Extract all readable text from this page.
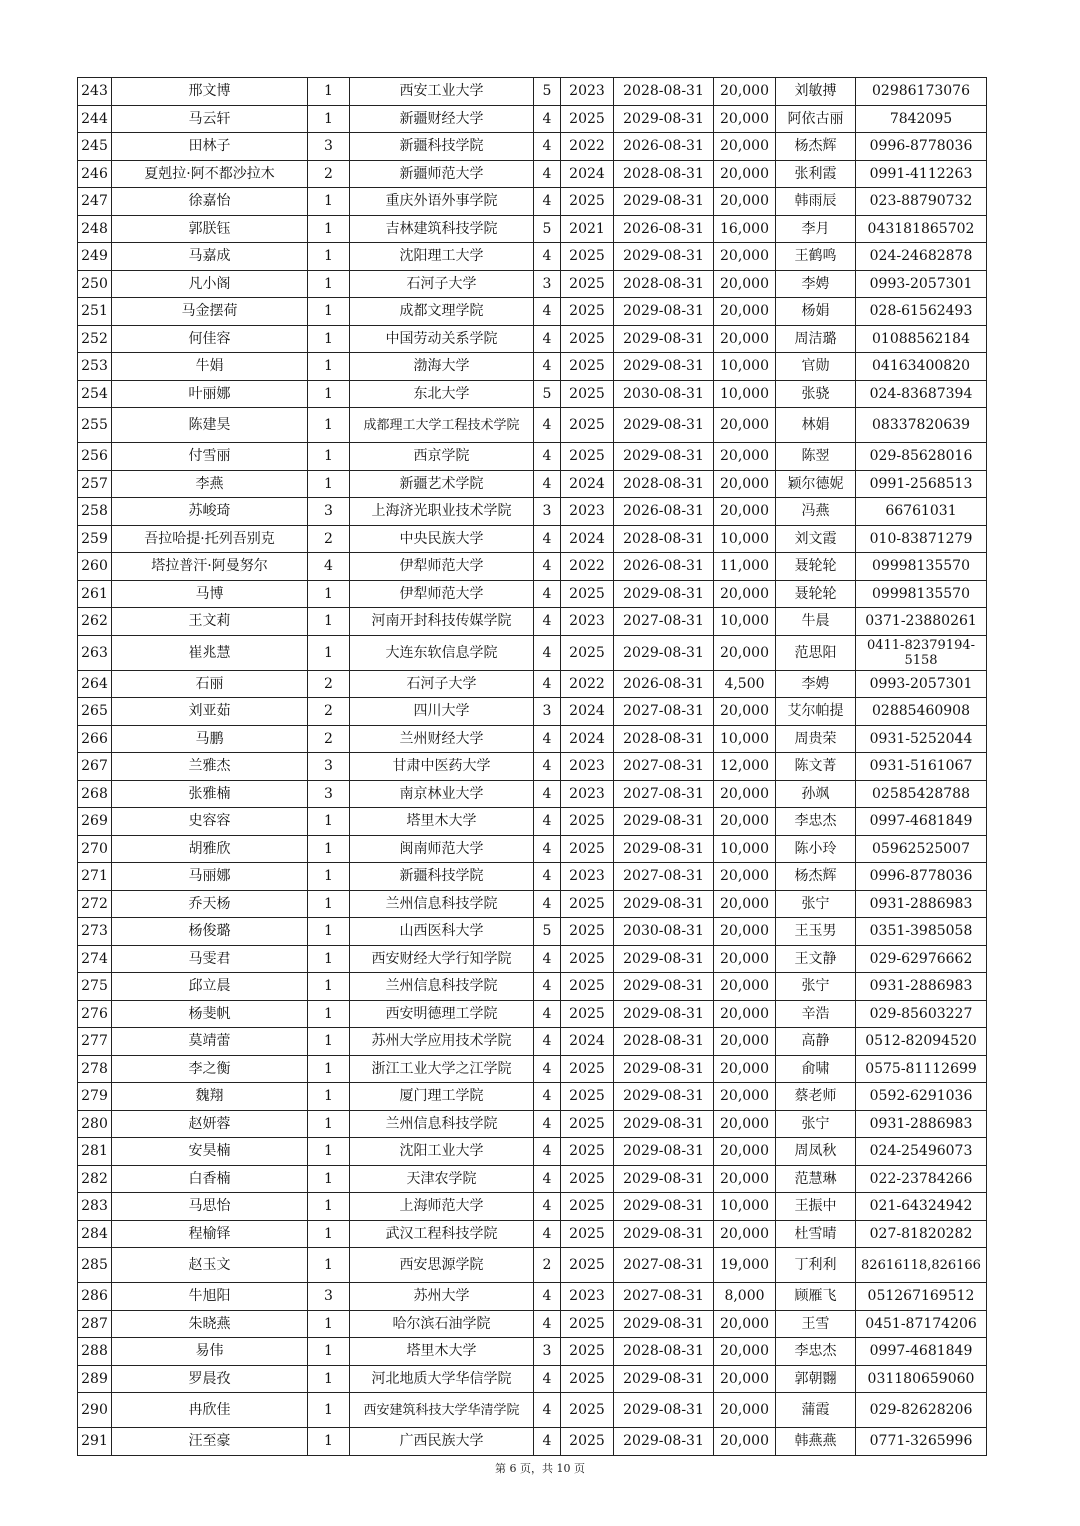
243	邢文博	1	西安工业大学	5	2023	2028-08-31	20,000	刘敏搏	02986173076
244	马云轩	1	新疆财经大学	4	2025	2029-08-31	20,000	阿依古丽	7842095
245	田林子	3	新疆科技学院	4	2022	2026-08-31	20,000	杨杰辉	0996-8778036
246	夏剋拉·阿不都沙拉木	2	新疆师范大学	4	2024	2028-08-31	20,000	张利霞	0991-4112263
247	徐嘉怡	1	重庆外语外事学院	4	2025	2029-08-31	20,000	韩雨辰	023-88790732
248	郭朕钰	1	吉林建筑科技学院	5	2021	2026-08-31	16,000	李月	043181865702
249	马嘉成	1	沈阳理工大学	4	2025	2029-08-31	20,000	王鹤鸣	024-24682878
250	凡小阁	1	石河子大学	3	2025	2028-08-31	20,000	李娉	0993-2057301
251	马金摆荷	1	成都文理学院	4	2025	2029-08-31	20,000	杨娟	028-61562493
252	何佳容	1	中国劳动关系学院	4	2025	2029-08-31	20,000	周洁璐	01088562184
253	牛娟	1	渤海大学	4	2025	2029-08-31	10,000	官勋	04163400820
254	叶丽娜	1	东北大学	5	2025	2030-08-31	10,000	张骁	024-83687394
255	陈建昊	1	成都理工大学工程技术学院	4	2025	2029-08-31	20,000	林娟	08337820639
256	付雪丽	1	西京学院	4	2025	2029-08-31	20,000	陈翌	029-85628016
257	李燕	1	新疆艺术学院	4	2024	2028-08-31	20,000	颖尔德妮	0991-2568513
258	苏峻琦	3	上海济光职业技术学院	3	2023	2026-08-31	20,000	冯燕	66761031
259	吾拉哈提·托列吾别克	2	中央民族大学	4	2024	2028-08-31	10,000	刘文霞	010-83871279
260	塔拉普汗·阿曼努尔	4	伊犁师范大学	4	2022	2026-08-31	11,000	聂轮轮	09998135570
261	马博	1	伊犁师范大学	4	2025	2029-08-31	20,000	聂轮轮	09998135570
262	王文莉	1	河南开封科技传媒学院	4	2023	2027-08-31	10,000	牛晨	0371-23880261
263	崔兆慧	1	大连东软信息学院	4	2025	2029-08-31	20,000	范思阳	0411-82379194-5158
264	石丽	2	石河子大学	4	2022	2026-08-31	4,500	李娉	0993-2057301
265	刘亚茹	2	四川大学	3	2024	2027-08-31	20,000	艾尔帕提	02885460908
266	马鹏	2	兰州财经大学	4	2024	2028-08-31	10,000	周贵荣	0931-5252044
267	兰雅杰	3	甘肃中医药大学	4	2023	2027-08-31	12,000	陈文菁	0931-5161067
268	张雅楠	3	南京林业大学	4	2023	2027-08-31	20,000	孙飒	02585428788
269	史容容	1	塔里木大学	4	2025	2029-08-31	20,000	李忠杰	0997-4681849
270	胡雅欣	1	闽南师范大学	4	2025	2029-08-31	10,000	陈小玲	05962525007
271	马丽娜	1	新疆科技学院	4	2023	2027-08-31	20,000	杨杰辉	0996-8778036
272	乔天杨	1	兰州信息科技学院	4	2025	2029-08-31	20,000	张宁	0931-2886983
273	杨俊璐	1	山西医科大学	5	2025	2030-08-31	20,000	王玉男	0351-3985058
274	马雯君	1	西安财经大学行知学院	4	2025	2029-08-31	20,000	王文静	029-62976662
275	邱立晨	1	兰州信息科技学院	4	2025	2029-08-31	20,000	张宁	0931-2886983
276	杨斐帆	1	西安明德理工学院	4	2025	2029-08-31	20,000	辛浩	029-85603227
277	莫靖蕾	1	苏州大学应用技术学院	4	2024	2028-08-31	20,000	高静	0512-82094520
278	李之衡	1	浙江工业大学之江学院	4	2025	2029-08-31	20,000	俞啸	0575-81112699
279	魏翔	1	厦门理工学院	4	2025	2029-08-31	20,000	蔡老师	0592-6291036
280	赵妍蓉	1	兰州信息科技学院	4	2025	2029-08-31	20,000	张宁	0931-2886983
281	安昊楠	1	沈阳工业大学	4	2025	2029-08-31	20,000	周凤秋	024-25496073
282	白香楠	1	天津农学院	4	2025	2029-08-31	20,000	范慧琳	022-23784266
283	马思怡	1	上海师范大学	4	2025	2029-08-31	10,000	王振中	021-64324942
284	程榆铎	1	武汉工程科技学院	4	2025	2029-08-31	20,000	杜雪晴	027-81820282
285	赵玉文	1	西安思源学院	2	2025	2027-08-31	19,000	丁利利	82616118,826166
286	牛旭阳	3	苏州大学	4	2023	2027-08-31	8,000	顾雁飞	051267169512
287	朱晓燕	1	哈尔滨石油学院	4	2025	2029-08-31	20,000	王雪	0451-87174206
288	易伟	1	塔里木大学	3	2025	2028-08-31	20,000	李忠杰	0997-4681849
289	罗晨孜	1	河北地质大学华信学院	4	2025	2029-08-31	20,000	郭朝翾	031180659060
290	冉欣佳	1	西安建筑科技大学华清学院	4	2025	2029-08-31	20,000	蒲霞	029-82628206
291	汪至豪	1	广西民族大学	4	2025	2029-08-31	20,000	韩燕燕	0771-3265996
第 6 页，共 10 页
